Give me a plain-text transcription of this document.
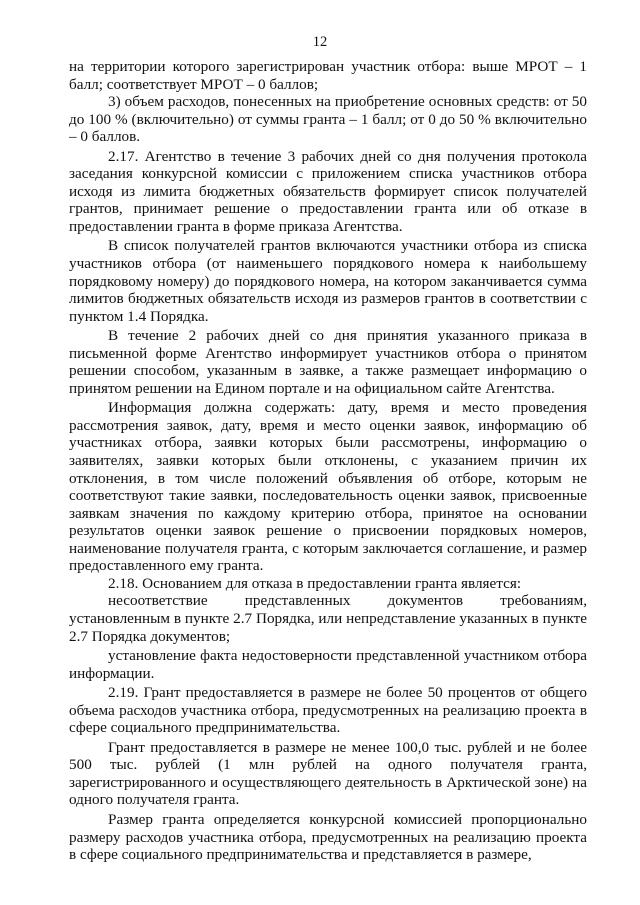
12

на территории которого зарегистрирован участник отбора: выше МРОТ – 1 балл; соответствует МРОТ – 0 баллов;

3) объем расходов, понесенных на приобретение основных средств: от 50 до 100 % (включительно) от суммы гранта – 1 балл; от 0 до 50 % включительно – 0 баллов.

2.17. Агентство в течение 3 рабочих дней со дня получения протокола заседания конкурсной комиссии с приложением списка участников отбора исходя из лимита бюджетных обязательств формирует список получателей грантов, принимает решение о предоставлении гранта или об отказе в предоставлении гранта в форме приказа Агентства.

В список получателей грантов включаются участники отбора из списка участников отбора (от наименьшего порядкового номера к наибольшему порядковому номеру) до порядкового номера, на котором заканчивается сумма лимитов бюджетных обязательств исходя из размеров грантов в соответствии с пунктом 1.4 Порядка.

В течение 2 рабочих дней со дня принятия указанного приказа в письменной форме Агентство информирует участников отбора о принятом решении способом, указанным в заявке, а также размещает информацию о принятом решении на Едином портале и на официальном сайте Агентства.

Информация должна содержать: дату, время и место проведения рассмотрения заявок, дату, время и место оценки заявок, информацию об участниках отбора, заявки которых были рассмотрены, информацию о заявителях, заявки которых были отклонены, с указанием причин их отклонения, в том числе положений объявления об отборе, которым не соответствуют такие заявки, последовательность оценки заявок, присвоенные заявкам значения по каждому критерию отбора, принятое на основании результатов оценки заявок решение о присвоении порядковых номеров, наименование получателя гранта, с которым заключается соглашение, и размер предоставленного ему гранта.

2.18. Основанием для отказа в предоставлении гранта является:

несоответствие представленных документов требованиям, установленным в пункте 2.7 Порядка, или непредставление указанных в пункте 2.7 Порядка документов;

установление факта недостоверности представленной участником отбора информации.

2.19. Грант предоставляется в размере не более 50 процентов от общего объема расходов участника отбора, предусмотренных на реализацию проекта в сфере социального предпринимательства.

Грант предоставляется в размере не менее 100,0 тыс. рублей и не более 500 тыс. рублей (1 млн рублей на одного получателя гранта, зарегистрированного и осуществляющего деятельность в Арктической зоне) на одного получателя гранта.

Размер гранта определяется конкурсной комиссией пропорционально размеру расходов участника отбора, предусмотренных на реализацию проекта в сфере социального предпринимательства и представляется в размере,
